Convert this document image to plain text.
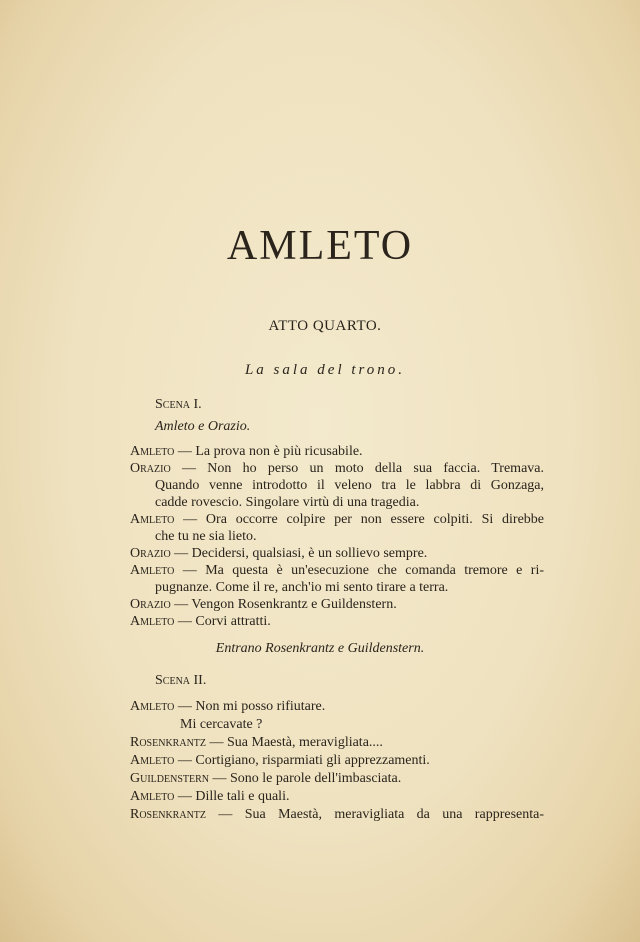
AMLETO
ATTO QUARTO.
La sala del trono.
Scena I.
Amleto e Orazio.
Amleto — La prova non è più ricusabile.
Orazio — Non ho perso un moto della sua faccia. Tremava.
Quando venne introdotto il veleno tra le labbra di Gonzaga,
cadde rovescio. Singolare virtù di una tragedia.
Amleto — Ora occorre colpire per non essere colpiti. Si direbbe
che tu ne sia lieto.
Orazio — Decidersi, qualsiasi, è un sollievo sempre.
Amleto — Ma questa è un'esecuzione che comanda tremore e ri-
pugnanze. Come il re, anch'io mi sento tirare a terra.
Orazio — Vengon Rosenkrantz e Guildenstern.
Amleto — Corvi attratti.
Entrano Rosenkrantz e Guildenstern.
Scena II.
Amleto — Non mi posso rifiutare.
Mi cercavate ?
Rosenkrantz — Sua Maestà, meravigliata....
Amleto — Cortigiano, risparmiati gli apprezzamenti.
Guildenstern — Sono le parole dell'imbasciata.
Amleto — Dille tali e quali.
Rosenkrantz — Sua Maestà, meravigliata da una rappresenta-
